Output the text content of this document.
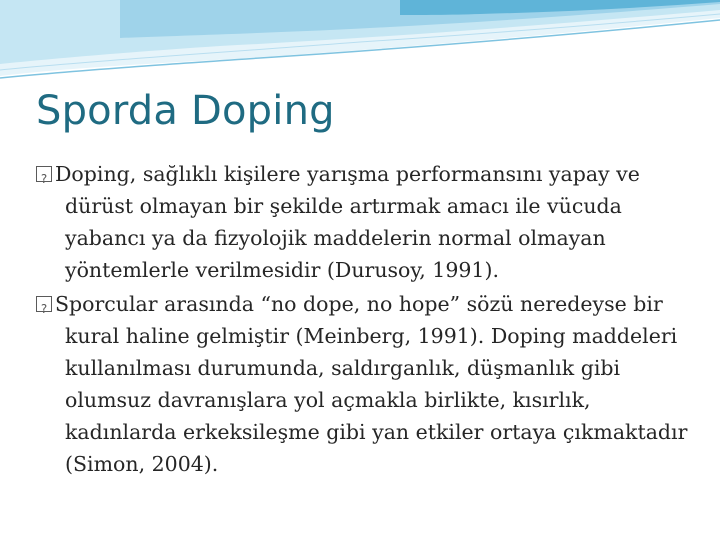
Sporda Doping

?Doping, sağlıklı kişilere yarışma performansını yapay ve dürüst olmayan bir şekilde artırmak amacı ile vücuda yabancı ya da fizyolojik maddelerin normal olmayan yöntemlerle verilmesidir (Durusoy, 1991).

?Sporcular arasında “no dope, no hope” sözü neredeyse bir kural haline gelmiştir (Meinberg, 1991). Doping maddeleri kullanılması durumunda, saldırganlık, düşmanlık gibi olumsuz davranışlara yol açmakla birlikte, kısırlık, kadınlarda erkeksileşme gibi yan etkiler ortaya çıkmaktadır (Simon, 2004).
